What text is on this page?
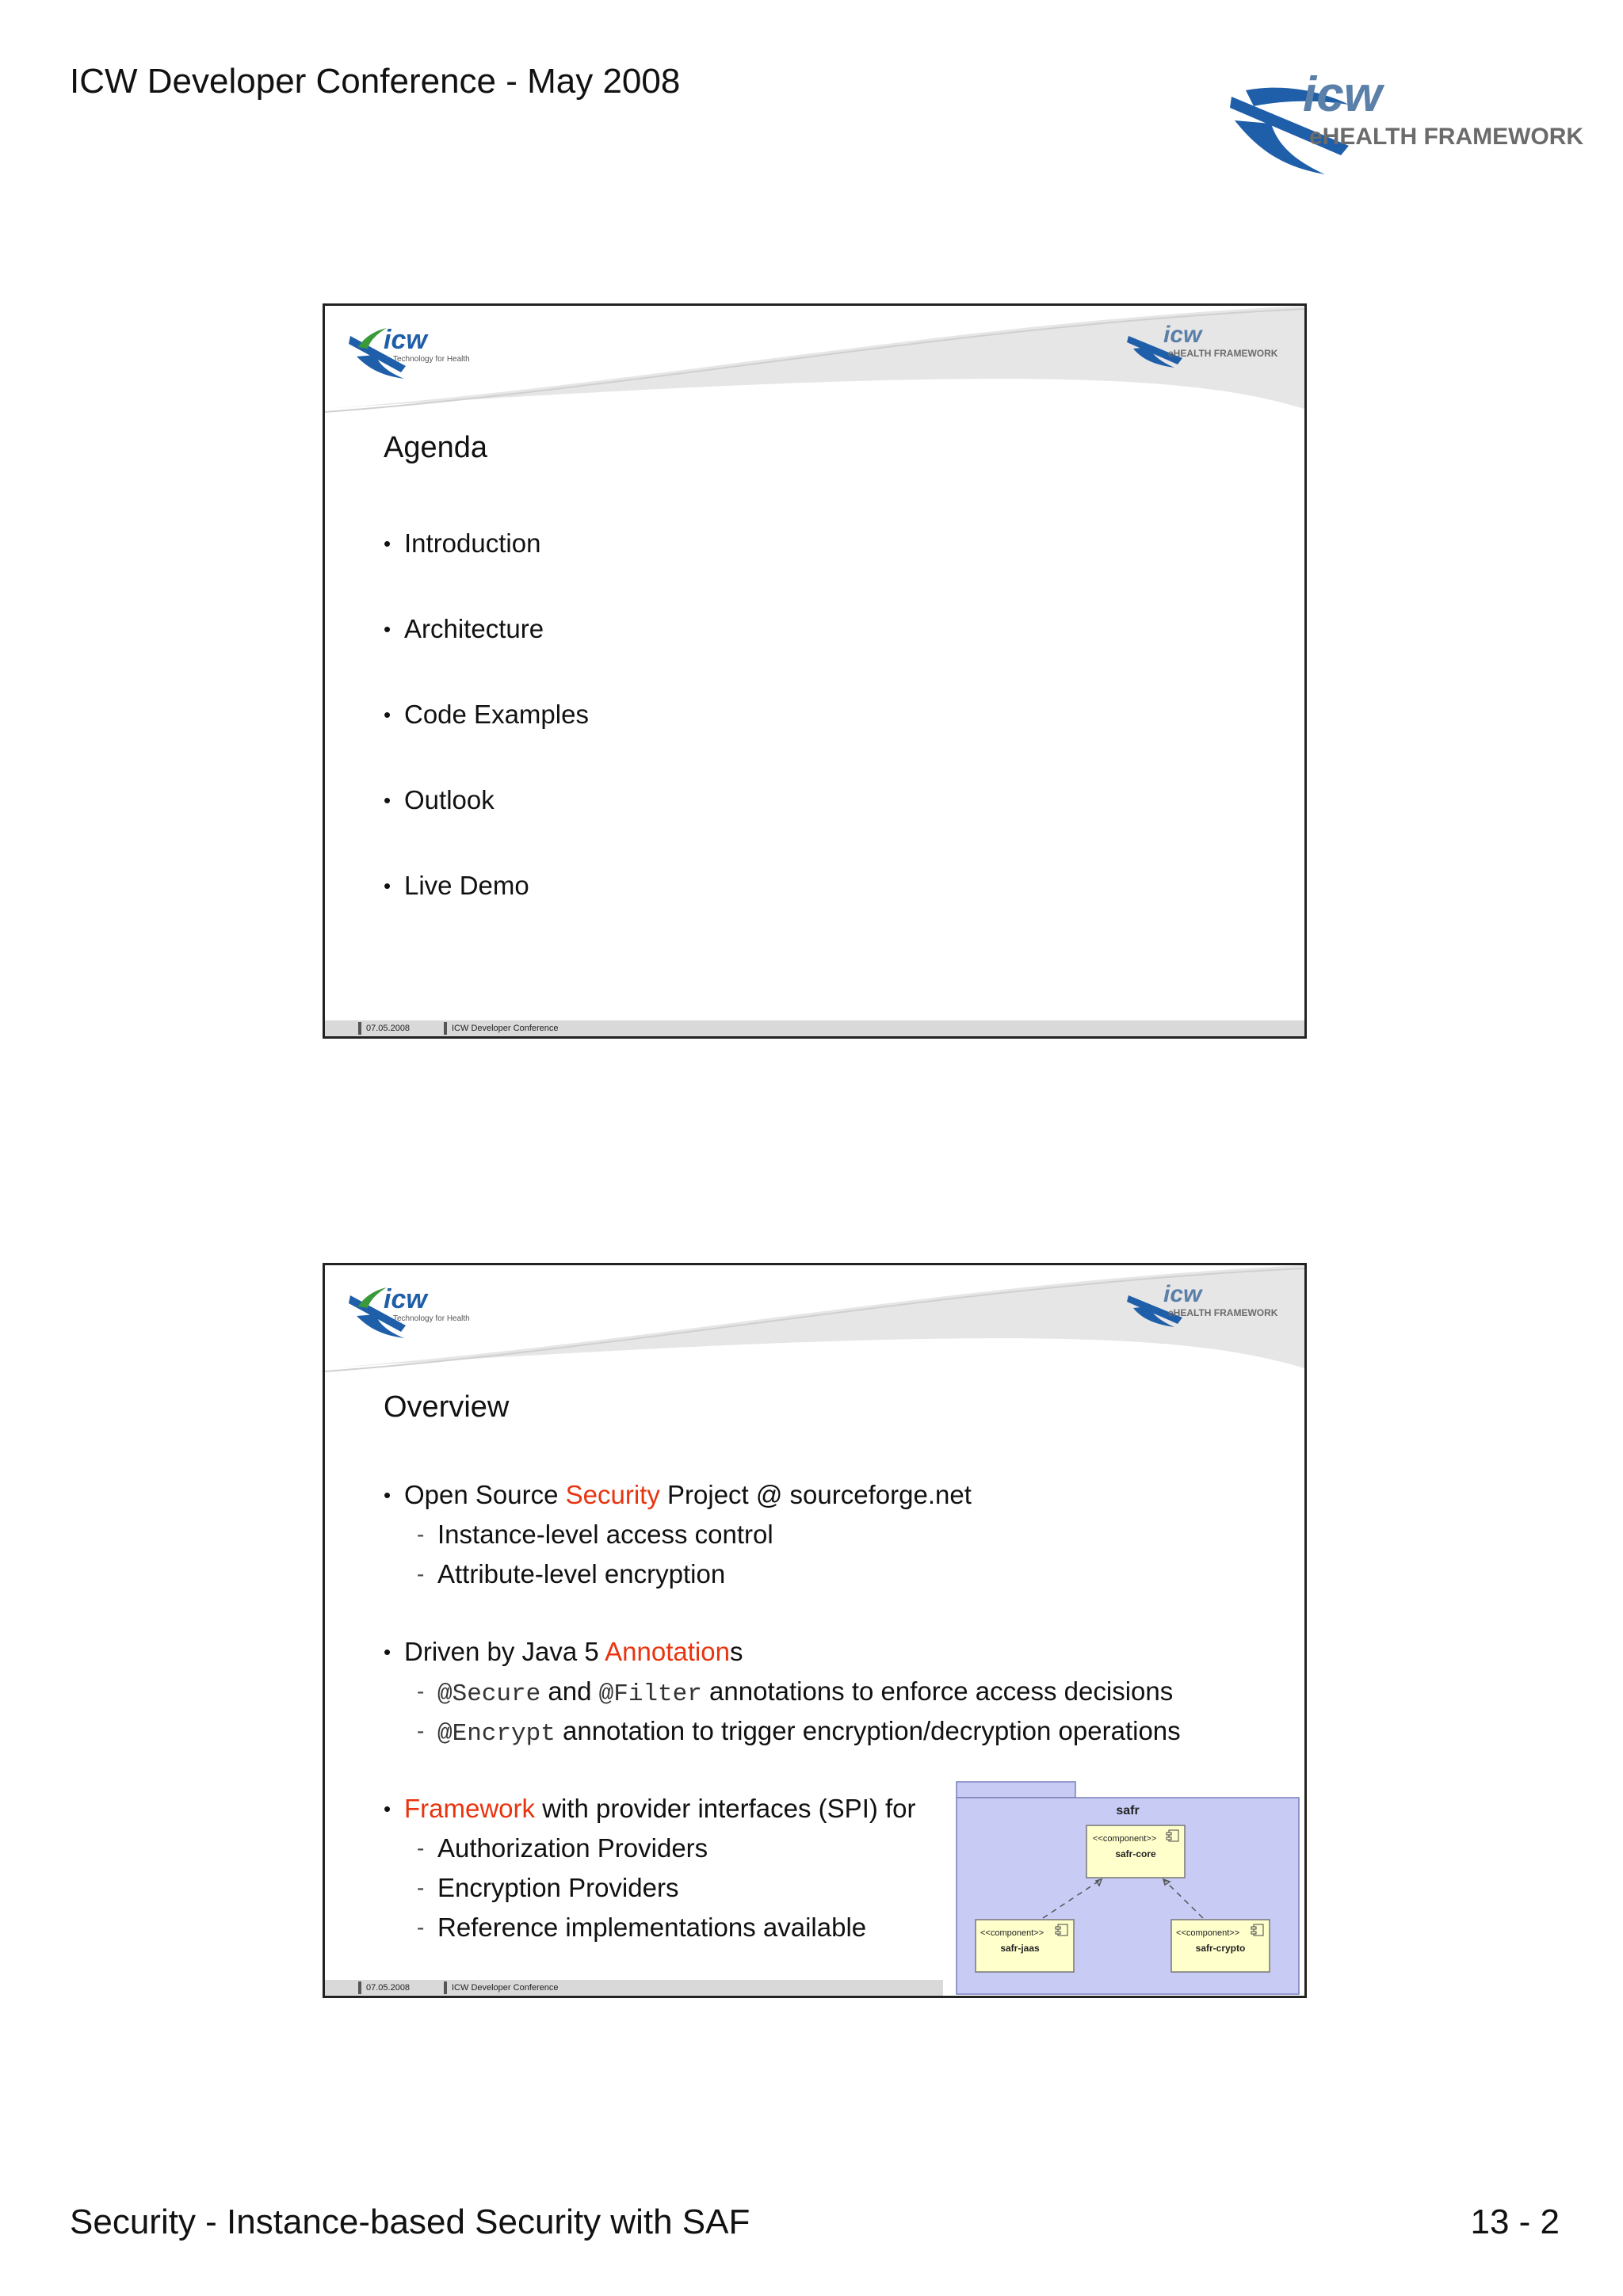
ICW Developer Conference - May 2008	icw
eHEALTH FRAMEWORK
icw
Technology for Health
icw
eHEALTH FRAMEWORK
Agenda
• Introduction
• Architecture
• Code Examples
• Outlook
• Live Demo
07.05.2008	ICW Developer Conference
icw
Technology for Health
icw
eHEALTH FRAMEWORK
Overview
• Open Source Security Project @ sourceforge.net
- Instance-level access control
- Attribute-level encryption
• Driven by Java 5 Annotations
- @Secure and @Filter annotations to enforce access decisions
- @Encrypt annotation to trigger encryption/decryption operations
• Framework with provider interfaces (SPI) for
- Authorization Providers
- Encryption Providers
- Reference implementations available
safr
<<component>>
safr-core
<<component>>
safr-jaas
<<component>>
safr-crypto
07.05.2008	ICW Developer Conference
Security - Instance-based Security with SAF	13 - 2
